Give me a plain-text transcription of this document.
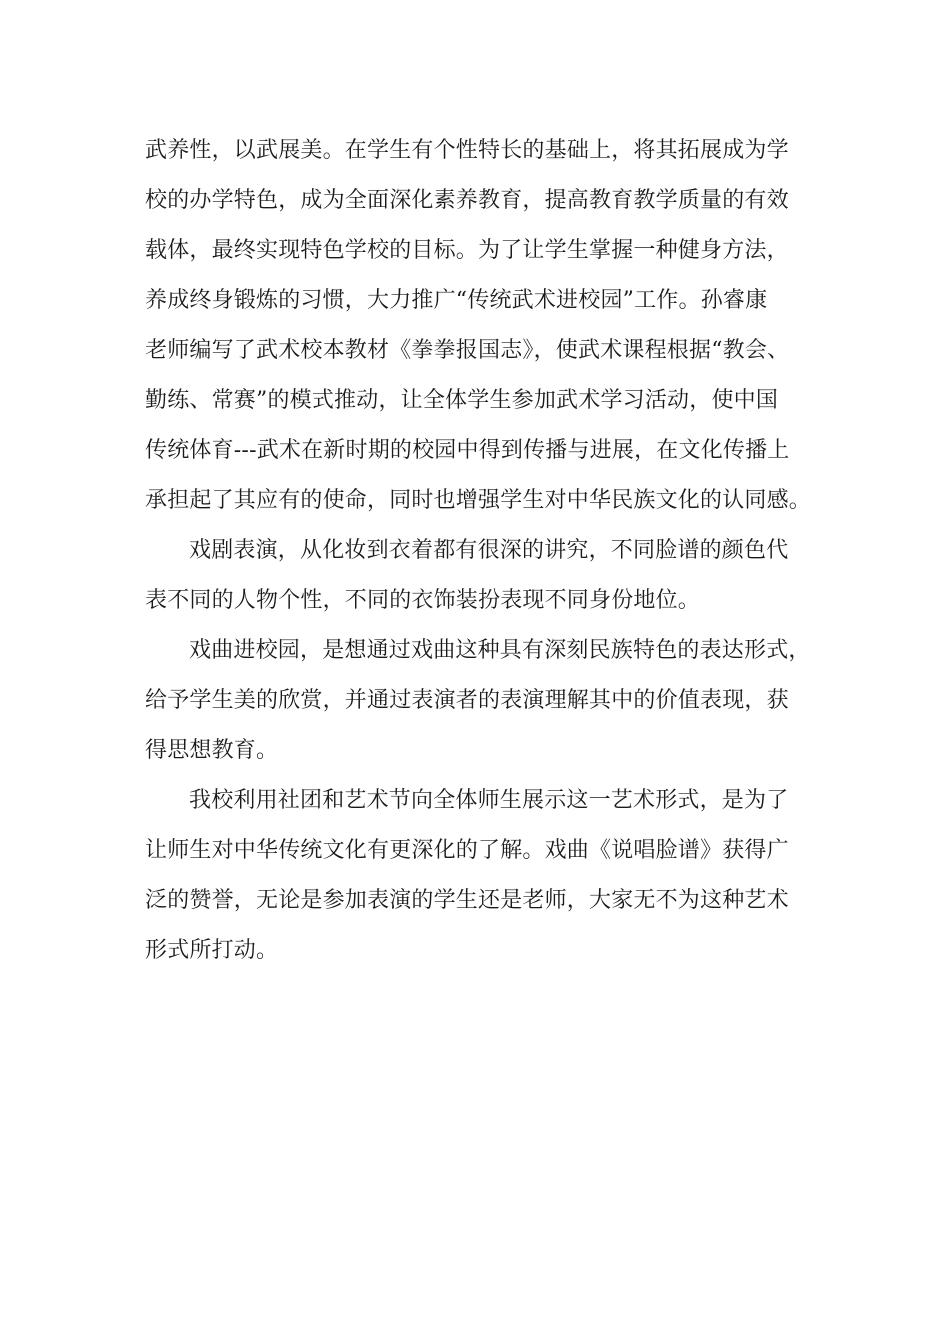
武养性，以武展美。在学生有个性特长的基础上，将其拓展成为学
校的办学特色，成为全面深化素养教育，提高教育教学质量的有效
载体，最终实现特色学校的目标。为了让学生掌握一种健身方法，
养成终身锻炼的习惯，大力推广“传统武术进校园”工作。孙睿康
老师编写了武术校本教材《拳拳报国志》，使武术课程根据“教会、
勤练、常赛”的模式推动，让全体学生参加武术学习活动，使中国
传统体育---武术在新时期的校园中得到传播与进展，在文化传播上
承担起了其应有的使命，同时也增强学生对中华民族文化的认同感。
戏剧表演，从化妆到衣着都有很深的讲究，不同脸谱的颜色代
表不同的人物个性，不同的衣饰装扮表现不同身份地位。
戏曲进校园，是想通过戏曲这种具有深刻民族特色的表达形式，
给予学生美的欣赏，并通过表演者的表演理解其中的价值表现，获
得思想教育。
我校利用社团和艺术节向全体师生展示这一艺术形式，是为了
让师生对中华传统文化有更深化的了解。戏曲《说唱脸谱》获得广
泛的赞誉，无论是参加表演的学生还是老师，大家无不为这种艺术
形式所打动。
